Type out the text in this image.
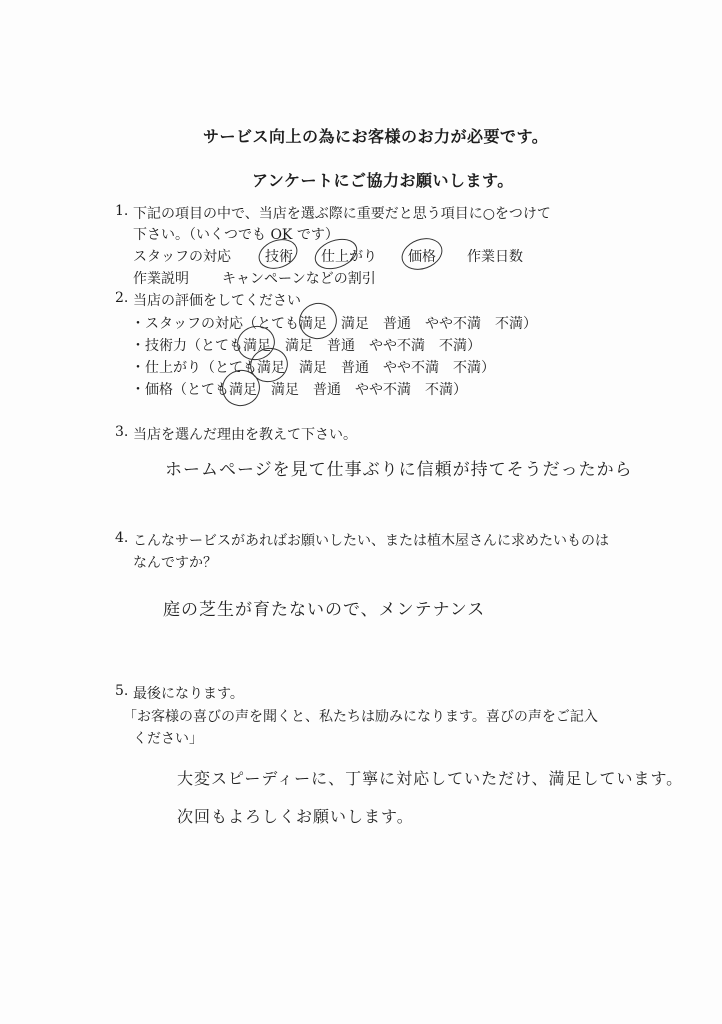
サービス向上の為にお客様のお力が必要です。
アンケートにご協力お願いします。
1. 下記の項目の中で、当店を選ぶ際に重要だと思う項目に○をつけて
下さい。（いくつでも OK です）
スタッフの対応 技術 仕上がり 価格 作業日数
作業説明 キャンペーンなどの割引
2. 当店の評価をしてください
・スタッフの対応（とても満足　満足　普通　やや不満　不満）
・技術力（とても満足　満足　普通　やや不満　不満）
・仕上がり（とても満足　満足　普通　やや不満　不満）
・価格（とても満足　満足　普通　やや不満　不満）
3. 当店を選んだ理由を教えて下さい。
ホームページを見て仕事ぶりに信頼が持てそうだったから
4. こんなサービスがあればお願いしたい、または植木屋さんに求めたいものは
なんですか？
庭の芝生が育たないので、メンテナンス
5. 最後になります。
「お客様の喜びの声を聞くと、私たちは励みになります。喜びの声をご記入
ください」
大変スピーディーに、丁寧に対応していただけ、満足しています。
次回もよろしくお願いします。
